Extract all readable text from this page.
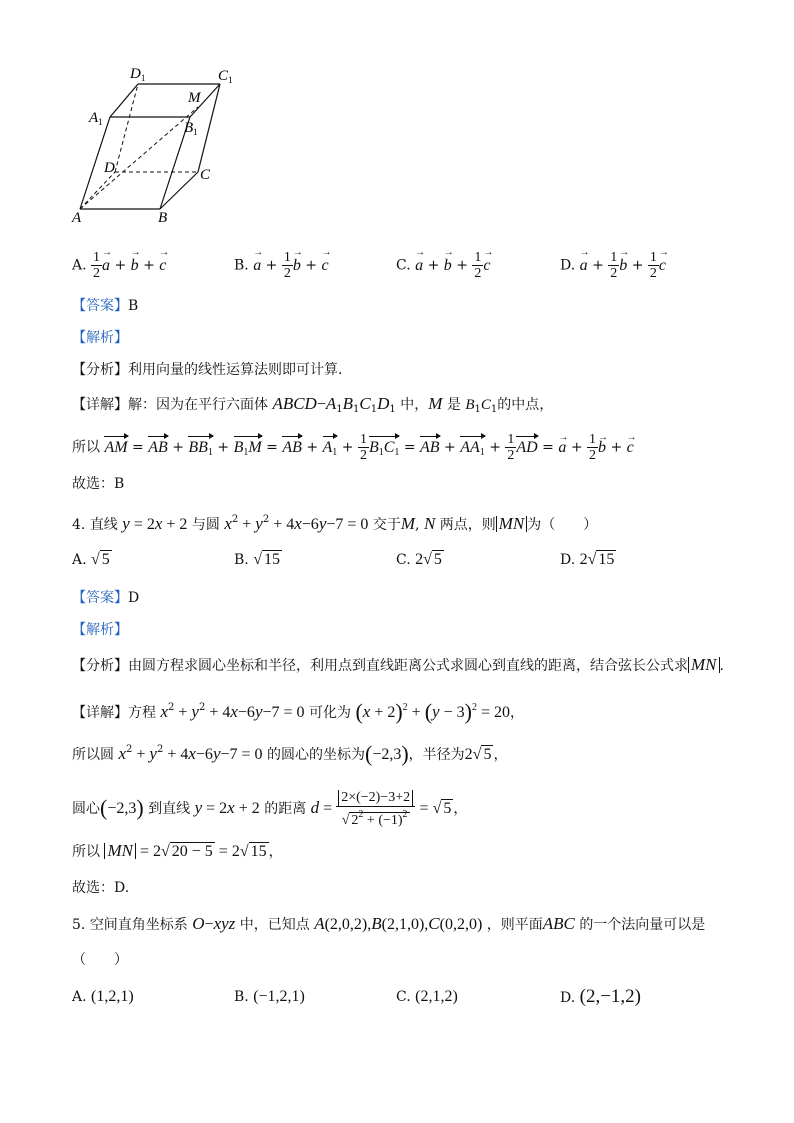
$D_1$	$C_1$
M
$A_1$	$B_1$
D	C
A	B
A. $\frac{1}{2}$
→ a + → b + → c	B. → $a + \frac{1}{2}$
→ b + → c	C. → a + → $b + \frac{1}{2}$
→ c	D. → $a + \frac{1}{2}$
→ $b + \frac{1}{2}$
→ c
【答案】B
【解析】
【分析】利用向量的线性运算法则即可计算.
【详解】解：因为在平行六面体 $ABCD-A_1B_1C_1D_1$ 中，M 是 $B_1C_1$的中点，
所以 AM = AB + $BB_1 + B_1M$ = AB + $A_1 + \frac{1}{2} B_1C_1$ = AB + $AA_1 + \frac{1}{2}$ AD = → $a + \frac{1}{2}$
→ b + → c
故选：B
4. 直线 y = 2x + 2 与圆 $x^2 + y^2 + 4x-6y-7 = 0$ 交于M, N 两点，则 MN 为（　　）
A. √ 5	B. √ 15	C. 2√ 5	D. 2√ 15
【答案】D
【解析】
【分析】由圆方程求圆心坐标和半径，利用点到直线距离公式求圆心到直线的距离，结合弦长公式求 MN .
【详解】方程 $x^2 + y^2 + 4x-6y-7 = 0$ 可化为 $(x + 2)^2 + (y - 3)^2 = 20$，
所以圆 $x^2 + y^2 + 4x-6y-7 = 0$ 的圆心的坐标为(−2,3)，半径为2√ 5 ，
圆心(−2,3) 到直线 y = 2x + 2 的距离 $d = \frac{2\times(-2)-3+2}{√ 2^2 + (-1)^2}$ = √ 5 ，
所以 MN = 2√ 20 − 5 = 2√ 15 ，
故选：D.
5. 空间直角坐标系 O−xyz 中，已知点 A(2,0,2),B(2,1,0),C(0,2,0) ，则平面ABC 的一个法向量可以是
（　　）
A. (1,2,1)	B. (−1,2,1)	C. (2,1,2)	D. (2,−1,2)
